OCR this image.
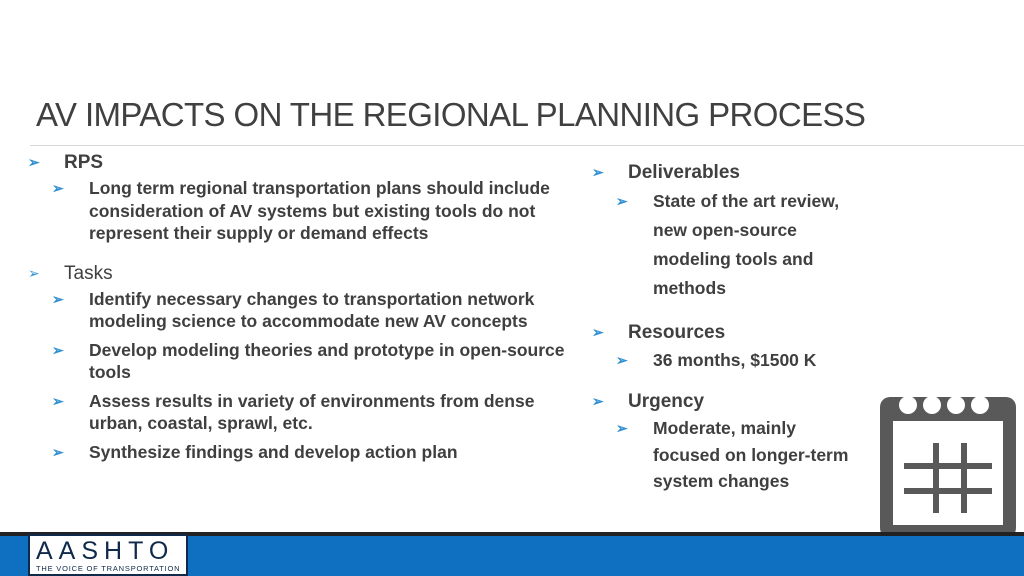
AV IMPACTS ON THE REGIONAL PLANNING PROCESS
➢	RPS
➢	Long term regional transportation plans should include consideration of AV systems but existing tools do not represent their supply or demand effects
➢	Tasks
➢	Identify necessary changes to transportation network modeling science to accommodate new AV concepts
➢	Develop modeling theories and prototype in open-source tools
➢	Assess results in variety of environments from dense urban, coastal, sprawl, etc.
➢	Synthesize findings and develop action plan
➢	Deliverables
➢	State of the art review, new open-source modeling tools and methods
➢	Resources
➢	36 months, $1500 K
➢	Urgency
➢	Moderate, mainly focused on longer-term system changes
AASHTO
THE VOICE OF TRANSPORTATION
